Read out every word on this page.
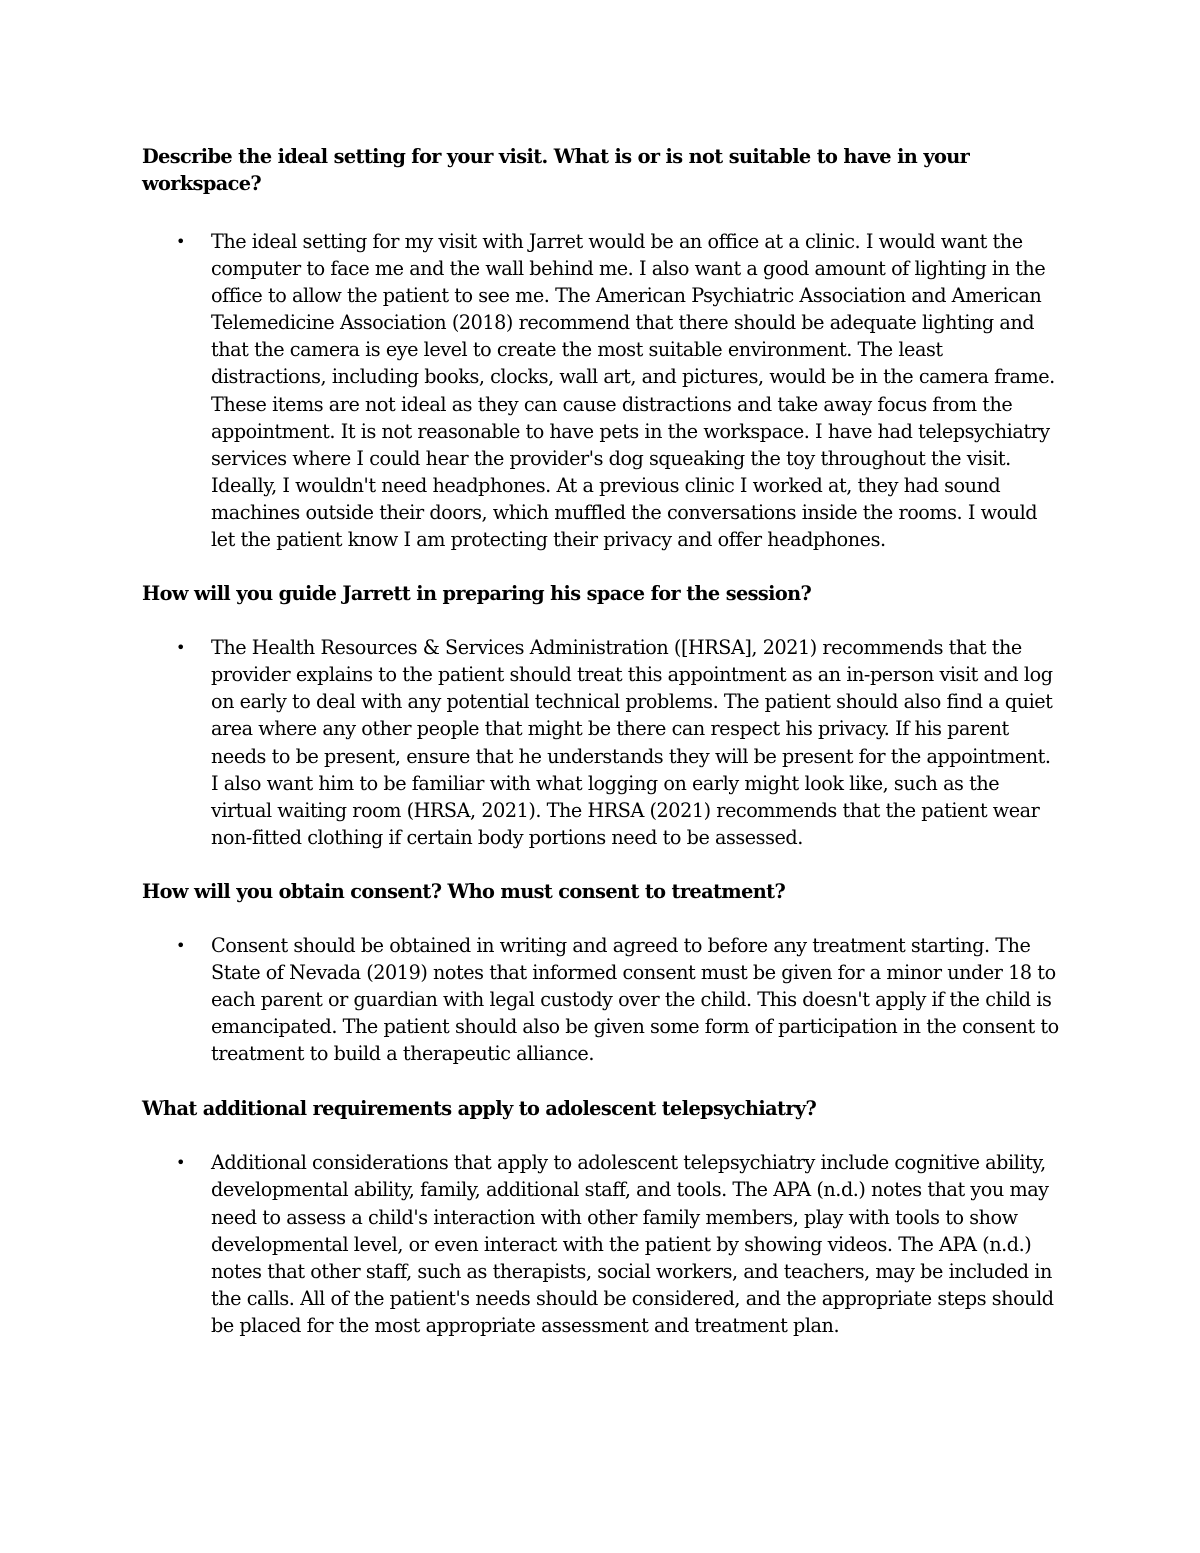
Describe the ideal setting for your visit. What is or is not suitable to have in your workspace?

• The ideal setting for my visit with Jarret would be an office at a clinic. I would want the computer to face me and the wall behind me. I also want a good amount of lighting in the office to allow the patient to see me. The American Psychiatric Association and American Telemedicine Association (2018) recommend that there should be adequate lighting and that the camera is eye level to create the most suitable environment. The least distractions, including books, clocks, wall art, and pictures, would be in the camera frame. These items are not ideal as they can cause distractions and take away focus from the appointment. It is not reasonable to have pets in the workspace. I have had telepsychiatry services where I could hear the provider's dog squeaking the toy throughout the visit. Ideally, I wouldn't need headphones. At a previous clinic I worked at, they had sound machines outside their doors, which muffled the conversations inside the rooms. I would let the patient know I am protecting their privacy and offer headphones.

How will you guide Jarrett in preparing his space for the session?

• The Health Resources & Services Administration ([HRSA], 2021) recommends that the provider explains to the patient should treat this appointment as an in-person visit and log on early to deal with any potential technical problems. The patient should also find a quiet area where any other people that might be there can respect his privacy. If his parent needs to be present, ensure that he understands they will be present for the appointment. I also want him to be familiar with what logging on early might look like, such as the virtual waiting room (HRSA, 2021). The HRSA (2021) recommends that the patient wear non-fitted clothing if certain body portions need to be assessed.

How will you obtain consent? Who must consent to treatment?

• Consent should be obtained in writing and agreed to before any treatment starting. The State of Nevada (2019) notes that informed consent must be given for a minor under 18 to each parent or guardian with legal custody over the child. This doesn't apply if the child is emancipated. The patient should also be given some form of participation in the consent to treatment to build a therapeutic alliance.

What additional requirements apply to adolescent telepsychiatry?

• Additional considerations that apply to adolescent telepsychiatry include cognitive ability, developmental ability, family, additional staff, and tools. The APA (n.d.) notes that you may need to assess a child's interaction with other family members, play with tools to show developmental level, or even interact with the patient by showing videos. The APA (n.d.) notes that other staff, such as therapists, social workers, and teachers, may be included in the calls. All of the patient's needs should be considered, and the appropriate steps should be placed for the most appropriate assessment and treatment plan.
